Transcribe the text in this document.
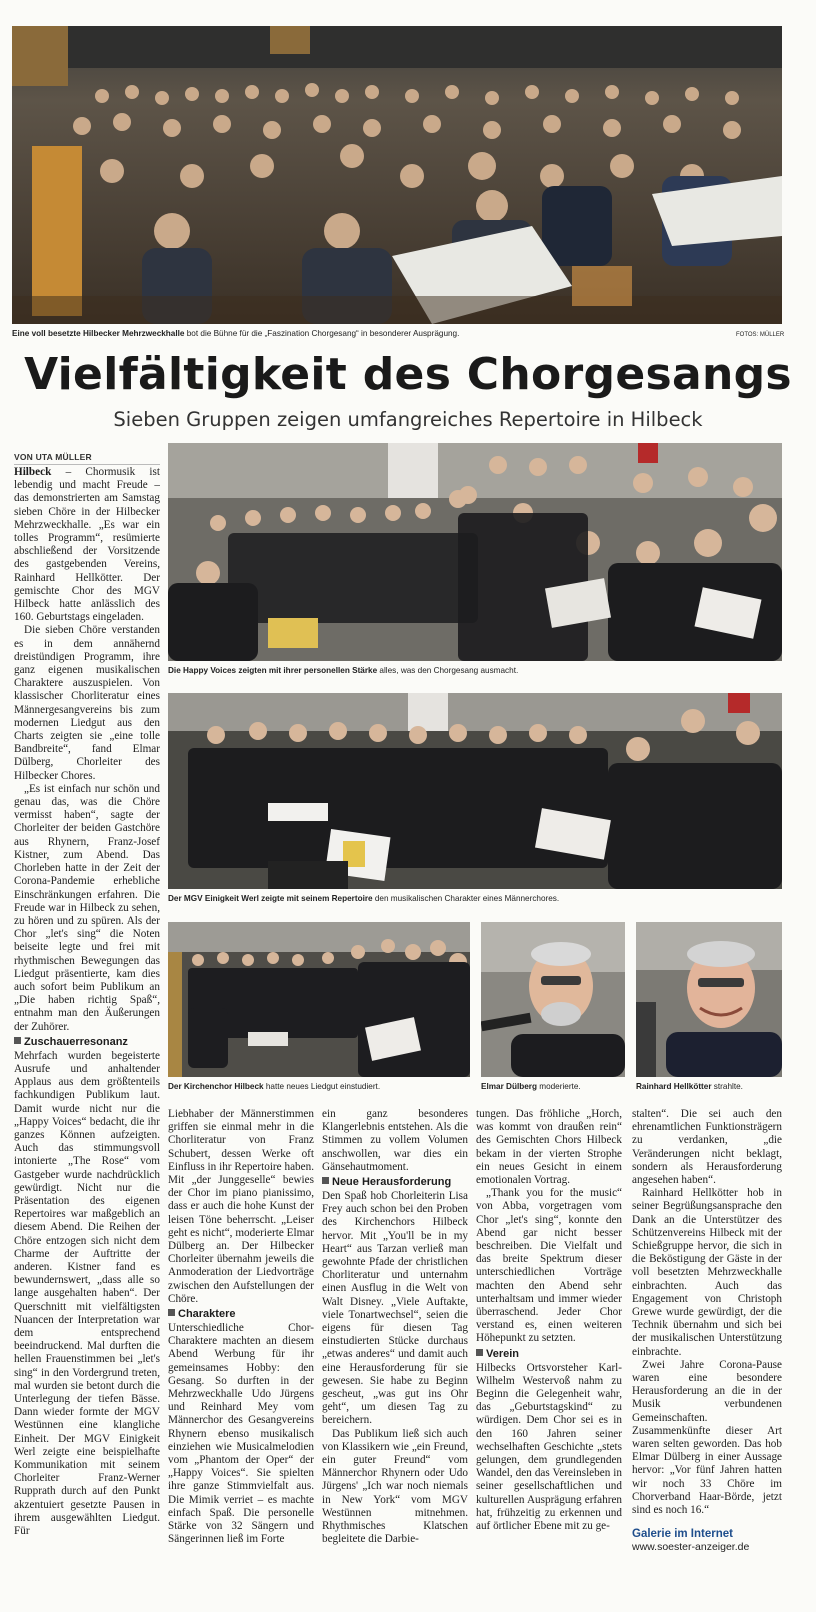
Eine voll besetzte Hilbecker Mehrzweckhalle bot die Bühne für die „Faszination Chorgesang“ in besonderer Ausprägung.	FOTOS: MÜLLER
Vielfältigkeit des Chorgesangs
Sieben Gruppen zeigen umfangreiches Repertoire in Hilbeck
VON UTA MÜLLER
Die Happy Voices zeigten mit ihrer personellen Stärke alles, was den Chorgesang ausmacht.
Der MGV Einigkeit Werl zeigte mit seinem Repertoire den musikalischen Charakter eines Männerchores.
Der Kirchenchor Hilbeck hatte neues Liedgut einstudiert.	Elmar Dülberg moderierte.	Rainhard Hellkötter strahlte.

Hilbeck – Chormusik ist lebendig und macht Freude – das demonstrierten am Samstag sieben Chöre in der Hilbecker Mehrzweckhalle. „Es war ein tolles Programm“, resümierte abschließend der Vorsitzende des gastgebenden Vereins, Rainhard Hellkötter. Der gemischte Chor des MGV Hilbeck hatte anlässlich des 160. Geburtstags eingeladen.

Die sieben Chöre verstanden es in dem annähernd dreistündigen Programm, ihre ganz eigenen musikalischen Charaktere auszuspielen. Von klassischer Chorliteratur eines Männergesangvereins bis zum modernen Liedgut aus den Charts zeigten sie „eine tolle Bandbreite“, fand Elmar Dülberg, Chorleiter des Hilbecker Chores.

„Es ist einfach nur schön und genau das, was die Chöre vermisst haben“, sagte der Chorleiter der beiden Gastchöre aus Rhynern, Franz-Josef Kistner, zum Abend. Das Chorleben hatte in der Zeit der Corona-Pandemie erhebliche Einschränkungen erfahren. Die Freude war in Hilbeck zu sehen, zu hören und zu spüren. Als der Chor „let's sing“ die Noten beiseite legte und frei mit rhythmischen Bewegungen das Liedgut präsentierte, kam dies auch sofort beim Publikum an „Die haben richtig Spaß“, entnahm man den Äußerungen der Zuhörer.

Zuschauerresonanz

Mehrfach wurden begeisterte Ausrufe und anhaltender Applaus aus dem größtenteils fachkundigen Publikum laut. Damit wurde nicht nur die „Happy Voices“ bedacht, die ihr ganzes Können aufzeigten. Auch das stimmungsvoll intonierte „The Rose“ vom Gastgeber wurde nachdrücklich gewürdigt. Nicht nur die Präsentation des eigenen Repertoires war maßgeblich an diesem Abend. Die Reihen der Chöre entzogen sich nicht dem Charme der Auftritte der anderen. Kistner fand es bewundernswert, „dass alle so lange ausgehalten haben“. Der Querschnitt mit vielfältigsten Nuancen der Interpretation war dem entsprechend beeindruckend. Mal durften die hellen Frauenstimmen bei „let's sing“ in den Vordergrund treten, mal wurden sie betont durch die Unterlegung der tiefen Bässe. Dann wieder formte der MGV Westünnen eine klangliche Einheit. Der MGV Einigkeit Werl zeigte eine beispielhafte Kommunikation mit seinem Chorleiter Franz-Werner Rupprath durch auf den Punkt akzentuiert gesetzte Pausen in ihrem ausgewählten Liedgut. Für

Liebhaber der Männerstimmen griffen sie einmal mehr in die Chorliteratur von Franz Schubert, dessen Werke oft Einfluss in ihr Repertoire haben. Mit „der Junggeselle“ bewies der Chor im piano pianissimo, dass er auch die hohe Kunst der leisen Töne beherrscht. „Leiser geht es nicht“, moderierte Elmar Dülberg an. Der Hilbecker Chorleiter übernahm jeweils die Anmoderation der Liedvorträge zwischen den Aufstellungen der Chöre.

Charaktere

Unterschiedliche Chor-Charaktere machten an diesem Abend Werbung für ihr gemeinsames Hobby: den Gesang. So durften in der Mehrzweckhalle Udo Jürgens und Reinhard Mey vom Männerchor des Gesangvereins Rhynern ebenso musikalisch einziehen wie Musicalmelodien vom „Phantom der Oper“ der „Happy Voices“. Sie spielten ihre ganze Stimmvielfalt aus. Die Mimik verriet – es machte einfach Spaß. Die personelle Stärke von 32 Sängern und Sängerinnen ließ im Forte

ein ganz besonderes Klangerlebnis entstehen. Als die Stimmen zu vollem Volumen anschwollen, war dies ein Gänsehautmoment.

Neue Herausforderung

Den Spaß hob Chorleiterin Lisa Frey auch schon bei den Proben des Kirchenchors Hilbeck hervor. Mit „You'll be in my Heart“ aus Tarzan verließ man gewohnte Pfade der christlichen Chorliteratur und unternahm einen Ausflug in die Welt von Walt Disney. „Viele Auftakte, viele Tonartwechsel“, seien die eigens für diesen Tag einstudierten Stücke durchaus „etwas anderes“ und damit auch eine Herausforderung für sie gewesen. Sie habe zu Beginn gescheut, „was gut ins Ohr geht“, um diesen Tag zu bereichern.

Das Publikum ließ sich auch von Klassikern wie „ein Freund, ein guter Freund“ vom Männerchor Rhynern oder Udo Jürgens' „Ich war noch niemals in New York“ vom MGV Westünnen mitnehmen. Rhythmisches Klatschen begleitete die Darbie-

tungen. Das fröhliche „Horch, was kommt von draußen rein“ des Gemischten Chors Hilbeck bekam in der vierten Strophe ein neues Gesicht in einem emotionalen Vortrag.

„Thank you for the music“ von Abba, vorgetragen vom Chor „let's sing“, konnte den Abend gar nicht besser beschreiben. Die Vielfalt und das breite Spektrum dieser unterschiedlichen Vorträge machten den Abend sehr unterhaltsam und immer wieder überraschend. Jeder Chor verstand es, einen weiteren Höhepunkt zu setzten.

Verein

Hilbecks Ortsvorsteher Karl-Wilhelm Westervoß nahm zu Beginn die Gelegenheit wahr, das „Geburtstagskind“ zu würdigen. Dem Chor sei es in den 160 Jahren seiner wechselhaften Geschichte „stets gelungen, dem grundlegenden Wandel, den das Vereinsleben in seiner gesellschaftlichen und kulturellen Ausprägung erfahren hat, frühzeitig zu erkennen und auf örtlicher Ebene mit zu ge-

stalten“. Die sei auch den ehrenamtlichen Funktionsträgern zu verdanken, „die Veränderungen nicht beklagt, sondern als Herausforderung angesehen haben“.

Rainhard Hellkötter hob in seiner Begrüßungsansprache den Dank an die Unterstützer des Schützenvereins Hilbeck mit der Schießgruppe hervor, die sich in die Beköstigung der Gäste in der voll besetzten Mehrzweckhalle einbrachten. Auch das Engagement von Christoph Grewe wurde gewürdigt, der die Technik übernahm und sich bei der musikalischen Unterstützung einbrachte.

Zwei Jahre Corona-Pause waren eine besondere Herausforderung an die in der Musik verbundenen Gemeinschaften. Zusammenkünfte dieser Art waren selten geworden. Das hob Elmar Dülberg in einer Aussage hervor: „Vor fünf Jahren hatten wir noch 33 Chöre im Chorverband Haar-Börde, jetzt sind es noch 16.“

Galerie im Internet
www.soester-anzeiger.de
